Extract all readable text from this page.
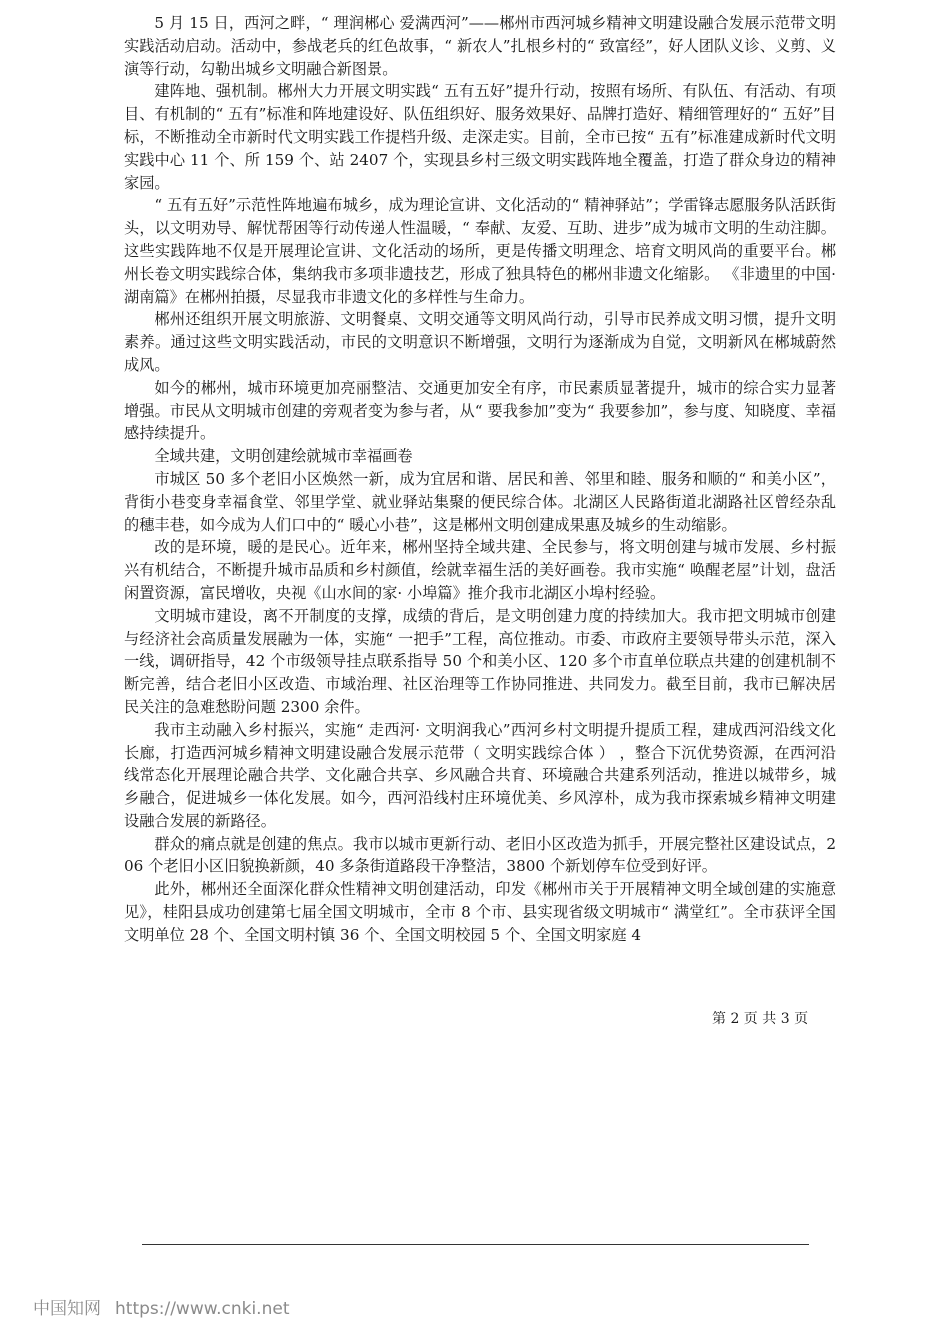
5 月 15 日，西河之畔，“ 理润郴心 爱满西河”——郴州市西河城乡精神文明建设融合发展示范带文明实践活动启动。活动中，参战老兵的红色故事，“ 新农人”扎根乡村的“ 致富经”，好人团队义诊、义剪、义演等行动，勾勒出城乡文明融合新图景。

建阵地、强机制。郴州大力开展文明实践“ 五有五好”提升行动，按照有场所、有队伍、有活动、有项目、有机制的“ 五有”标准和阵地建设好、队伍组织好、服务效果好、品牌打造好、精细管理好的“ 五好”目标，不断推动全市新时代文明实践工作提档升级、走深走实。目前，全市已按“ 五有”标准建成新时代文明实践中心 11 个、所 159 个、站 2407 个，实现县乡村三级文明实践阵地全覆盖，打造了群众身边的精神家园。

“ 五有五好”示范性阵地遍布城乡，成为理论宣讲、文化活动的“ 精神驿站”；学雷锋志愿服务队活跃街头，以文明劝导、解忧帮困等行动传递人性温暖，“ 奉献、友爱、互助、进步”成为城市文明的生动注脚。这些实践阵地不仅是开展理论宣讲、文化活动的场所，更是传播文明理念、培育文明风尚的重要平台。郴州长卷文明实践综合体，集纳我市多项非遗技艺，形成了独具特色的郴州非遗文化缩影。 《非遗里的中国· 湖南篇》在郴州拍摄，尽显我市非遗文化的多样性与生命力。

郴州还组织开展文明旅游、文明餐桌、文明交通等文明风尚行动，引导市民养成文明习惯，提升文明素养。通过这些文明实践活动，市民的文明意识不断增强，文明行为逐渐成为自觉，文明新风在郴城蔚然成风。

如今的郴州，城市环境更加亮丽整洁、交通更加安全有序，市民素质显著提升，城市的综合实力显著增强。市民从文明城市创建的旁观者变为参与者，从“ 要我参加”变为“ 我要参加”，参与度、知晓度、幸福感持续提升。

全域共建，文明创建绘就城市幸福画卷

市城区 50 多个老旧小区焕然一新，成为宜居和谐、居民和善、邻里和睦、服务和顺的“ 和美小区”，背街小巷变身幸福食堂、邻里学堂、就业驿站集聚的便民综合体。北湖区人民路街道北湖路社区曾经杂乱的穗丰巷，如今成为人们口中的“ 暖心小巷”，这是郴州文明创建成果惠及城乡的生动缩影。

改的是环境，暖的是民心。近年来，郴州坚持全域共建、全民参与，将文明创建与城市发展、乡村振兴有机结合，不断提升城市品质和乡村颜值，绘就幸福生活的美好画卷。我市实施“ 唤醒老屋”计划，盘活闲置资源，富民增收，央视《山水间的家· 小埠篇》推介我市北湖区小埠村经验。

文明城市建设，离不开制度的支撑，成绩的背后，是文明创建力度的持续加大。我市把文明城市创建与经济社会高质量发展融为一体，实施“ 一把手”工程，高位推动。市委、市政府主要领导带头示范，深入一线，调研指导，42 个市级领导挂点联系指导 50 个和美小区、120 多个市直单位联点共建的创建机制不断完善，结合老旧小区改造、市域治理、社区治理等工作协同推进、共同发力。截至目前，我市已解决居民关注的急难愁盼问题 2300 余件。

我市主动融入乡村振兴，实施“ 走西河· 文明润我心”西河乡村文明提升提质工程，建成西河沿线文化长廊，打造西河城乡精神文明建设融合发展示范带（ 文明实践综合体 ） ，整合下沉优势资源，在西河沿线常态化开展理论融合共学、文化融合共享、乡风融合共育、环境融合共建系列活动，推进以城带乡，城乡融合，促进城乡一体化发展。如今，西河沿线村庄环境优美、乡风淳朴，成为我市探索城乡精神文明建设融合发展的新路径。

群众的痛点就是创建的焦点。我市以城市更新行动、老旧小区改造为抓手，开展完整社区建设试点，206 个老旧小区旧貌换新颜，40 多条街道路段干净整洁，3800 个新划停车位受到好评。

此外，郴州还全面深化群众性精神文明创建活动，印发《郴州市关于开展精神文明全域创建的实施意见》，桂阳县成功创建第七届全国文明城市，全市 8 个市、县实现省级文明城市“ 满堂红”。全市获评全国文明单位 28 个、全国文明村镇 36 个、全国文明校园 5 个、全国文明家庭 4

第 2 页 共 3 页
中国知网 https://www.cnki.net
